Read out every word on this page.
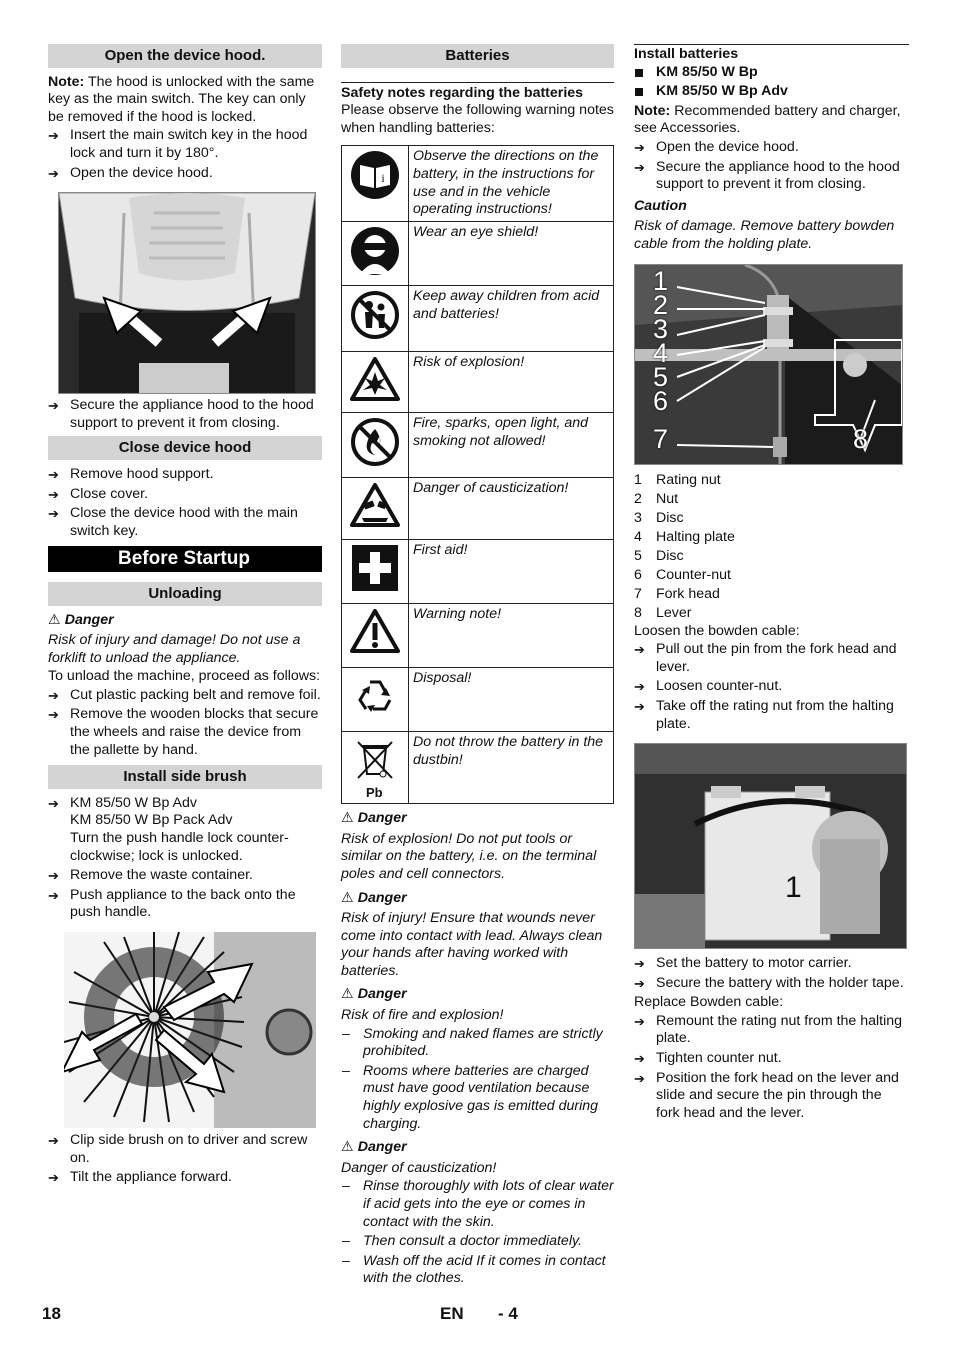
Open the device hood.

Note: The hood is unlocked with the same key as the main switch. The key can only be removed if the hood is locked.

➔ Insert the main switch key in the hood lock and turn it by 180°.
➔ Open the device hood.
➔ Secure the appliance hood to the hood support to prevent it from closing.
Close device hood
➔ Remove hood support.
➔ Close cover.
➔ Close the device hood with the main switch key.
Before Startup
Unloading
⚠ Danger

Risk of injury and damage! Do not use a forklift to unload the appliance.

To unload the machine, proceed as follows:

➔ Cut plastic packing belt and remove foil.
➔ Remove the wooden blocks that secure the wheels and raise the device from the pallette by hand.
Install side brush
➔ KM 85/50 W Bp Adv
KM 85/50 W Bp Pack Adv
Turn the push handle lock counter-clockwise; lock is unlocked.
➔ Remove the waste container.
➔ Push appliance to the back onto the push handle.
➔ Clip side brush on to driver and screw on.
➔ Tilt the appliance forward.
Batteries
Safety notes regarding the batteries

Please observe the following warning notes when handling batteries:

i	Observe the directions on the battery, in the instructions for use and in the vehicle operating instructions!
	Wear an eye shield!
	Keep away children from acid and batteries!
	Risk of explosion!
	Fire, sparks, open light, and smoking not allowed!
	Danger of causticization!
	First aid!
	Warning note!
	Disposal!

Pb	Do not throw the battery in the dustbin!
⚠ Danger

Risk of explosion! Do not put tools or similar on the battery, i.e. on the terminal poles and cell connectors.

⚠ Danger

Risk of injury! Ensure that wounds never come into contact with lead. Always clean your hands after having worked with batteries.

⚠ Danger

Risk of fire and explosion!

– Smoking and naked flames are strictly prohibited.
– Rooms where batteries are charged must have good ventilation because highly explosive gas is emitted during charging.
⚠ Danger

Danger of causticization!

– Rinse thoroughly with lots of clear water if acid gets into the eye or comes in contact with the skin.
– Then consult a doctor immediately.
– Wash off the acid If it comes in contact with the clothes.
Install batteries
KM 85/50 W Bp
KM 85/50 W Bp Adv

Note: Recommended battery and charger, see Accessories.

➔ Open the device hood.
➔ Secure the appliance hood to the hood support to prevent it from closing.
Caution

Risk of damage. Remove battery bowden cable from the holding plate.

1
2
3
4
5
6
7	8
1 Rating nut
2 Nut
3 Disc
4 Halting plate
5 Disc
6 Counter-nut
7 Fork head
8 Lever

Loosen the bowden cable:

➔ Pull out the pin from the fork head and lever.
➔ Loosen counter-nut.
➔ Take off the rating nut from the halting plate.
1
➔ Set the battery to motor carrier.
➔ Secure the battery with the holder tape.

Replace Bowden cable:

➔ Remount the rating nut from the halting plate.
➔ Tighten counter nut.
➔ Position the fork head on the lever and slide and secure the pin through the fork head and the lever.
18	EN - 4
